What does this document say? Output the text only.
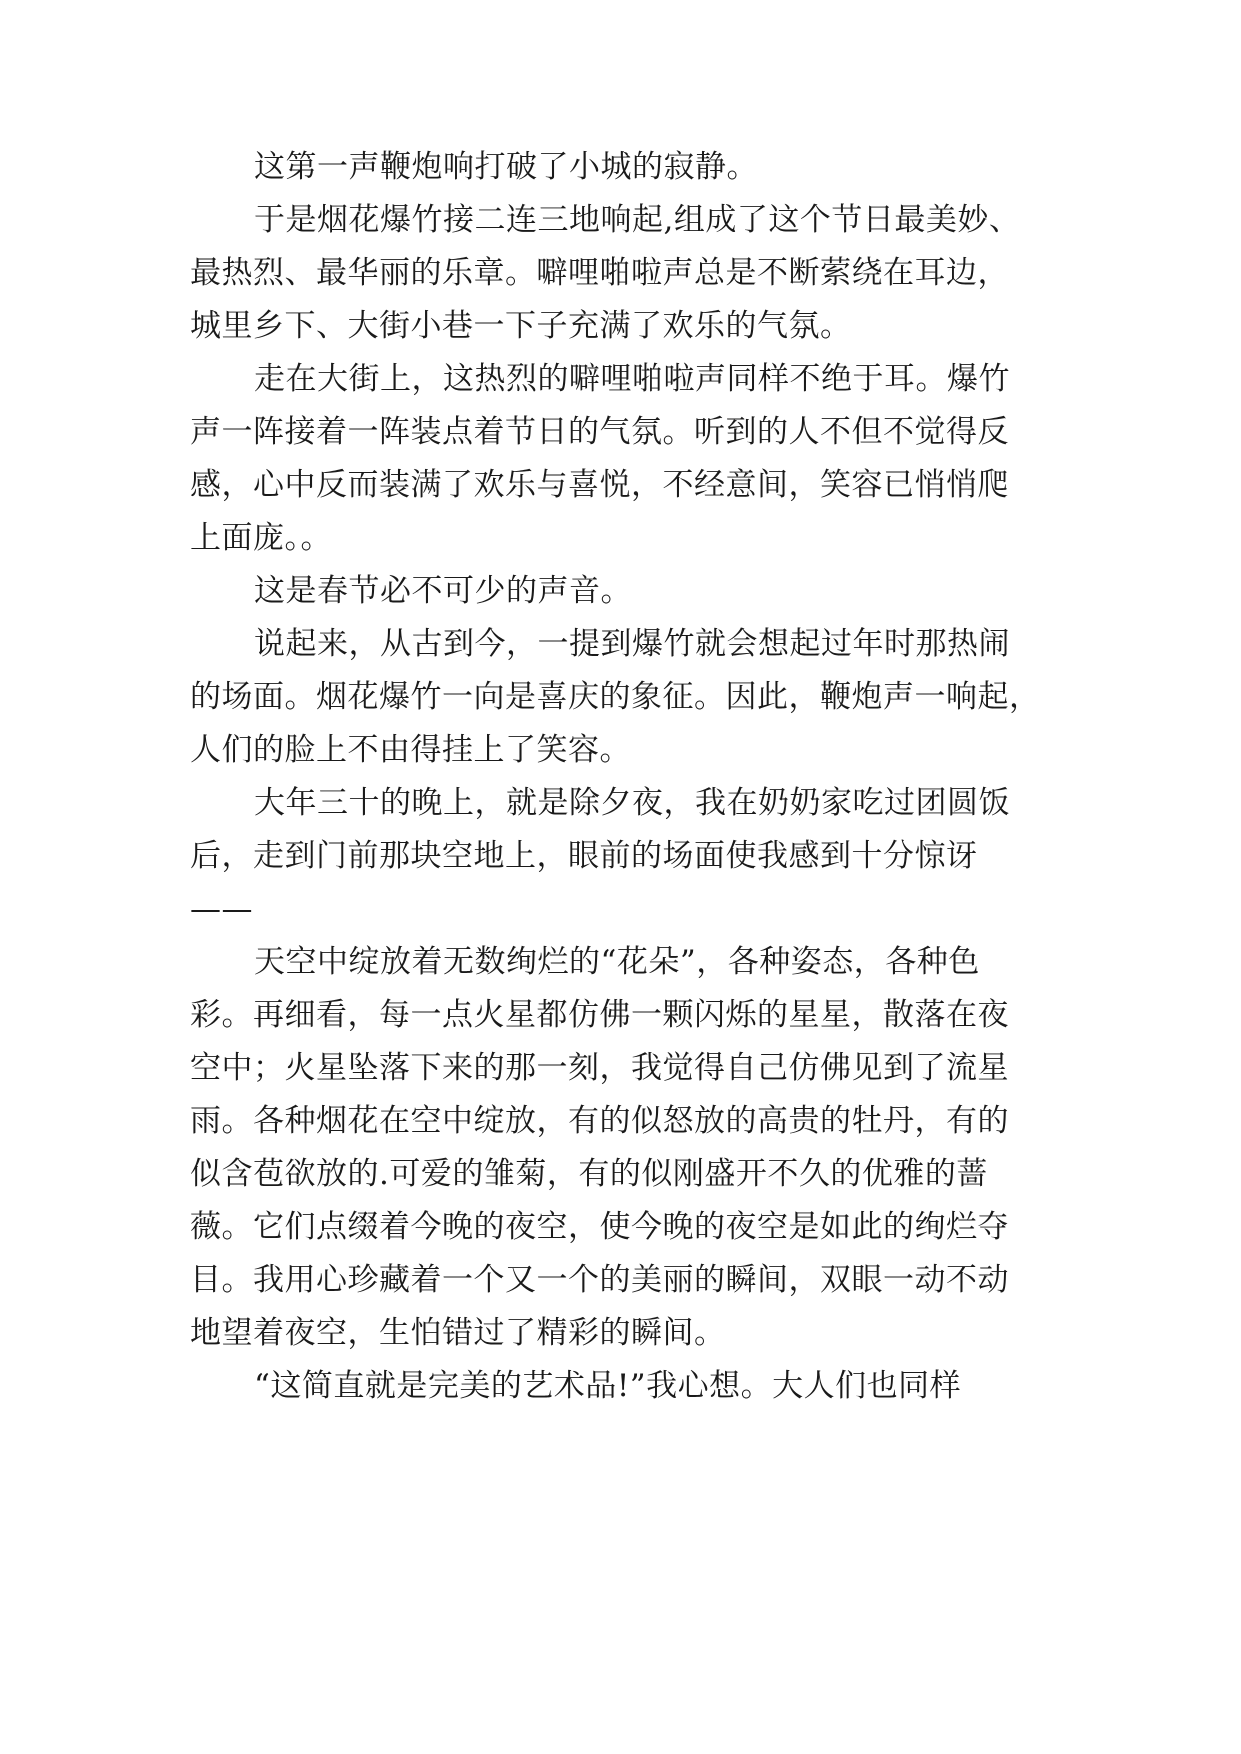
这第一声鞭炮响打破了小城的寂静。
于是烟花爆竹接二连三地响起,组成了这个节日最美妙、
最热烈、最华丽的乐章。噼哩啪啦声总是不断萦绕在耳边，
城里乡下、大街小巷一下子充满了欢乐的气氛。
走在大街上，这热烈的噼哩啪啦声同样不绝于耳。爆竹
声一阵接着一阵装点着节日的气氛。听到的人不但不觉得反
感，心中反而装满了欢乐与喜悦，不经意间，笑容已悄悄爬
上面庞。。
这是春节必不可少的声音。
说起来，从古到今，一提到爆竹就会想起过年时那热闹
的场面。烟花爆竹一向是喜庆的象征。因此，鞭炮声一响起，
人们的脸上不由得挂上了笑容。
大年三十的晚上，就是除夕夜，我在奶奶家吃过团圆饭
后，走到门前那块空地上，眼前的场面使我感到十分惊讶
——
天空中绽放着无数绚烂的“花朵”，各种姿态，各种色
彩。再细看，每一点火星都仿佛一颗闪烁的星星，散落在夜
空中；火星坠落下来的那一刻，我觉得自己仿佛见到了流星
雨。各种烟花在空中绽放，有的似怒放的高贵的牡丹，有的
似含苞欲放的.可爱的雏菊，有的似刚盛开不久的优雅的蔷
薇。它们点缀着今晚的夜空，使今晚的夜空是如此的绚烂夺
目。我用心珍藏着一个又一个的美丽的瞬间，双眼一动不动
地望着夜空，生怕错过了精彩的瞬间。
“这简直就是完美的艺术品!”我心想。大人们也同样
